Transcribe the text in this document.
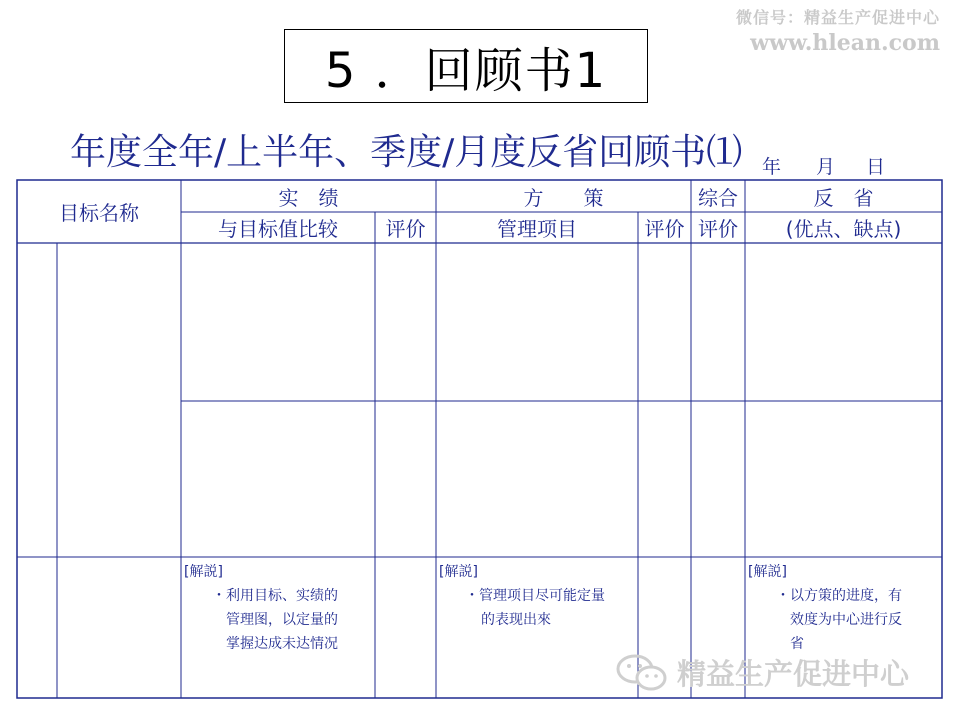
微信号：精益生产促进中心
www.hlean.com
5 ．回顾书1
年度全年/上半年、季度/月度反省回顾书⑴ 年 月 日
目标名称
实　绩
与目标值比较	评价
方　　策
管理项目	评价
综合
评价
反　省
(优点、缺点)
[解説]
・利用目标、实绩的
管理图，以定量的
掌握达成未达情况
[解説]
・管理项目尽可能定量
的表现出來
[解説]
・以方策的进度，有
效度为中心进行反
省
精益生产促进中心
